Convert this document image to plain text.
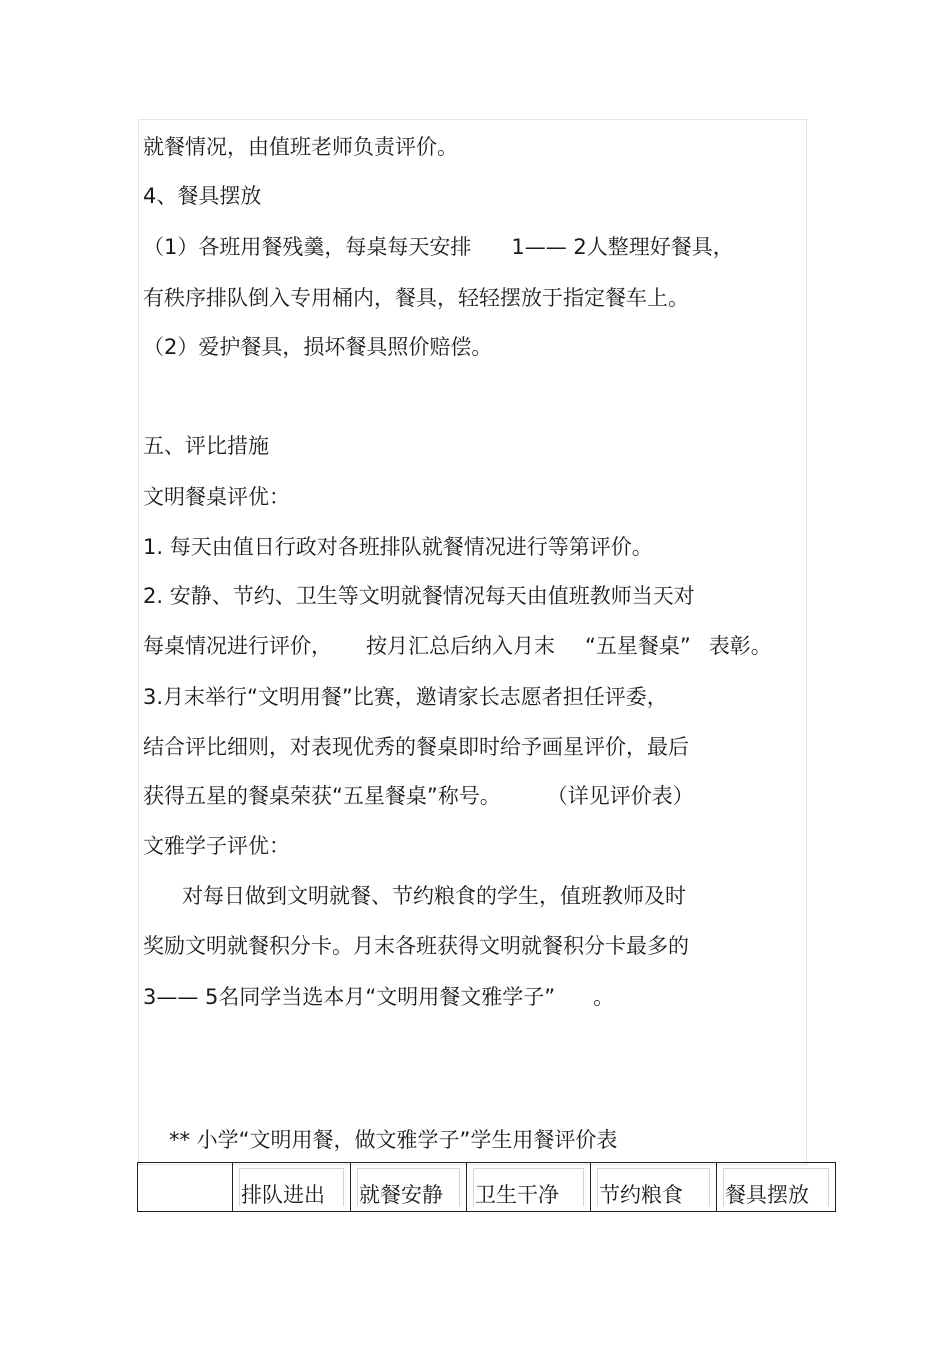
就餐情况，由值班老师负责评价。
4、餐具摆放
（1）各班用餐残羹，每桌每天安排 1—— 2人整理好餐具，
有秩序排队倒入专用桶内，餐具，轻轻摆放于指定餐车上。
（2）爱护餐具，损坏餐具照价赔偿。
五、评比措施
文明餐桌评优：
1. 每天由值日行政对各班排队就餐情况进行等第评价。
2. 安静、节约、卫生等文明就餐情况每天由值班教师当天对
每桌情况进行评价， 按月汇总后纳入月末 “五星餐桌” 表彰。
3.月末举行“文明用餐”比赛，邀请家长志愿者担任评委，
结合评比细则，对表现优秀的餐桌即时给予画星评价，最后
获得五星的餐桌荣获“五星餐桌”称号。 （详见评价表）
文雅学子评优：
对每日做到文明就餐、节约粮食的学生，值班教师及时
奖励文明就餐积分卡。月末各班获得文明就餐积分卡最多的
3—— 5名同学当选本月“文明用餐文雅学子” 。
** 小学“文明用餐，做文雅学子”学生用餐评价表
排队进出 就餐安静 卫生干净 节约粮食 餐具摆放
